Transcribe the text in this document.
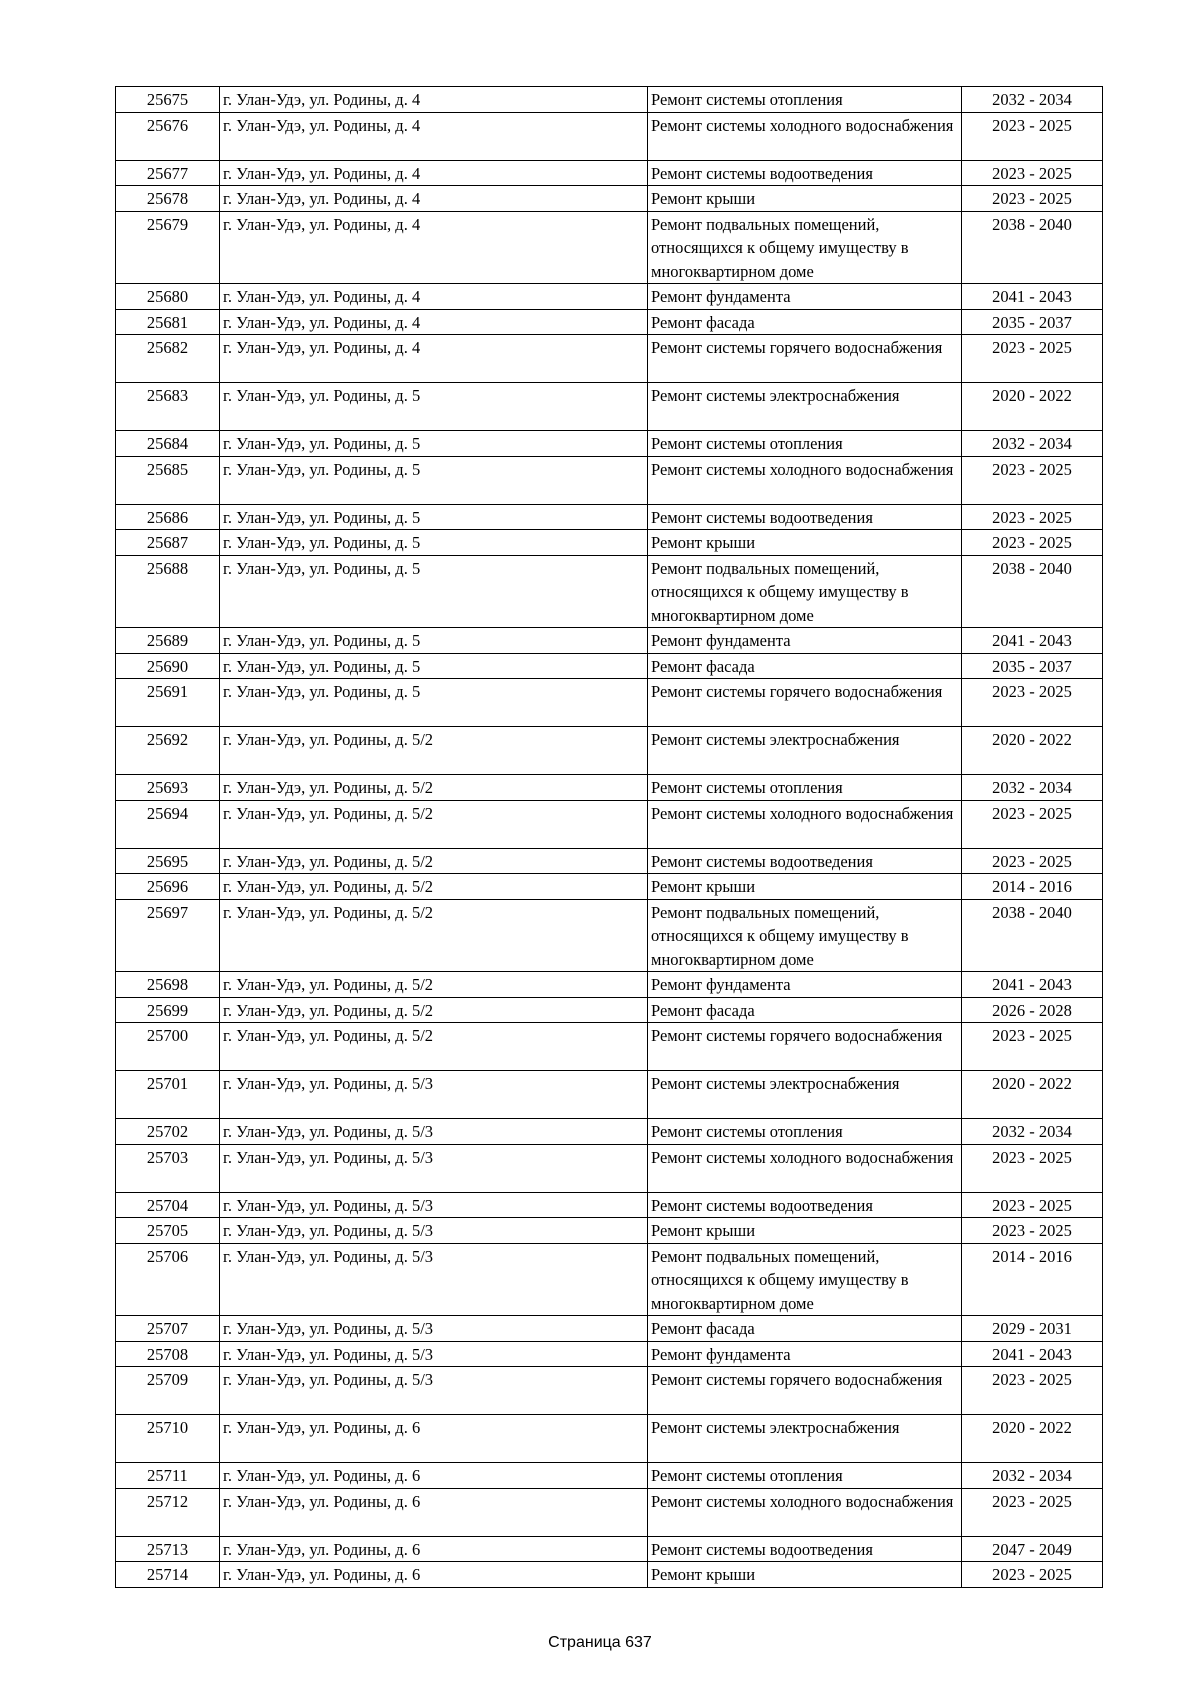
25675	г. Улан-Удэ, ул. Родины, д. 4	Ремонт системы отопления	2032 - 2034
25676	г. Улан-Удэ, ул. Родины, д. 4	Ремонт системы холодного водоснабжения	2023 - 2025
25677	г. Улан-Удэ, ул. Родины, д. 4	Ремонт системы водоотведения	2023 - 2025
25678	г. Улан-Удэ, ул. Родины, д. 4	Ремонт крыши	2023 - 2025
25679	г. Улан-Удэ, ул. Родины, д. 4	Ремонт подвальных помещений, относящихся к общему имуществу в многоквартирном доме	2038 - 2040
25680	г. Улан-Удэ, ул. Родины, д. 4	Ремонт фундамента	2041 - 2043
25681	г. Улан-Удэ, ул. Родины, д. 4	Ремонт фасада	2035 - 2037
25682	г. Улан-Удэ, ул. Родины, д. 4	Ремонт системы горячего водоснабжения	2023 - 2025
25683	г. Улан-Удэ, ул. Родины, д. 5	Ремонт системы электроснабжения	2020 - 2022
25684	г. Улан-Удэ, ул. Родины, д. 5	Ремонт системы отопления	2032 - 2034
25685	г. Улан-Удэ, ул. Родины, д. 5	Ремонт системы холодного водоснабжения	2023 - 2025
25686	г. Улан-Удэ, ул. Родины, д. 5	Ремонт системы водоотведения	2023 - 2025
25687	г. Улан-Удэ, ул. Родины, д. 5	Ремонт крыши	2023 - 2025
25688	г. Улан-Удэ, ул. Родины, д. 5	Ремонт подвальных помещений, относящихся к общему имуществу в многоквартирном доме	2038 - 2040
25689	г. Улан-Удэ, ул. Родины, д. 5	Ремонт фундамента	2041 - 2043
25690	г. Улан-Удэ, ул. Родины, д. 5	Ремонт фасада	2035 - 2037
25691	г. Улан-Удэ, ул. Родины, д. 5	Ремонт системы горячего водоснабжения	2023 - 2025
25692	г. Улан-Удэ, ул. Родины, д. 5/2	Ремонт системы электроснабжения	2020 - 2022
25693	г. Улан-Удэ, ул. Родины, д. 5/2	Ремонт системы отопления	2032 - 2034
25694	г. Улан-Удэ, ул. Родины, д. 5/2	Ремонт системы холодного водоснабжения	2023 - 2025
25695	г. Улан-Удэ, ул. Родины, д. 5/2	Ремонт системы водоотведения	2023 - 2025
25696	г. Улан-Удэ, ул. Родины, д. 5/2	Ремонт крыши	2014 - 2016
25697	г. Улан-Удэ, ул. Родины, д. 5/2	Ремонт подвальных помещений, относящихся к общему имуществу в многоквартирном доме	2038 - 2040
25698	г. Улан-Удэ, ул. Родины, д. 5/2	Ремонт фундамента	2041 - 2043
25699	г. Улан-Удэ, ул. Родины, д. 5/2	Ремонт фасада	2026 - 2028
25700	г. Улан-Удэ, ул. Родины, д. 5/2	Ремонт системы горячего водоснабжения	2023 - 2025
25701	г. Улан-Удэ, ул. Родины, д. 5/3	Ремонт системы электроснабжения	2020 - 2022
25702	г. Улан-Удэ, ул. Родины, д. 5/3	Ремонт системы отопления	2032 - 2034
25703	г. Улан-Удэ, ул. Родины, д. 5/3	Ремонт системы холодного водоснабжения	2023 - 2025
25704	г. Улан-Удэ, ул. Родины, д. 5/3	Ремонт системы водоотведения	2023 - 2025
25705	г. Улан-Удэ, ул. Родины, д. 5/3	Ремонт крыши	2023 - 2025
25706	г. Улан-Удэ, ул. Родины, д. 5/3	Ремонт подвальных помещений, относящихся к общему имуществу в многоквартирном доме	2014 - 2016
25707	г. Улан-Удэ, ул. Родины, д. 5/3	Ремонт фасада	2029 - 2031
25708	г. Улан-Удэ, ул. Родины, д. 5/3	Ремонт фундамента	2041 - 2043
25709	г. Улан-Удэ, ул. Родины, д. 5/3	Ремонт системы горячего водоснабжения	2023 - 2025
25710	г. Улан-Удэ, ул. Родины, д. 6	Ремонт системы электроснабжения	2020 - 2022
25711	г. Улан-Удэ, ул. Родины, д. 6	Ремонт системы отопления	2032 - 2034
25712	г. Улан-Удэ, ул. Родины, д. 6	Ремонт системы холодного водоснабжения	2023 - 2025
25713	г. Улан-Удэ, ул. Родины, д. 6	Ремонт системы водоотведения	2047 - 2049
25714	г. Улан-Удэ, ул. Родины, д. 6	Ремонт крыши	2023 - 2025
Страница 637
